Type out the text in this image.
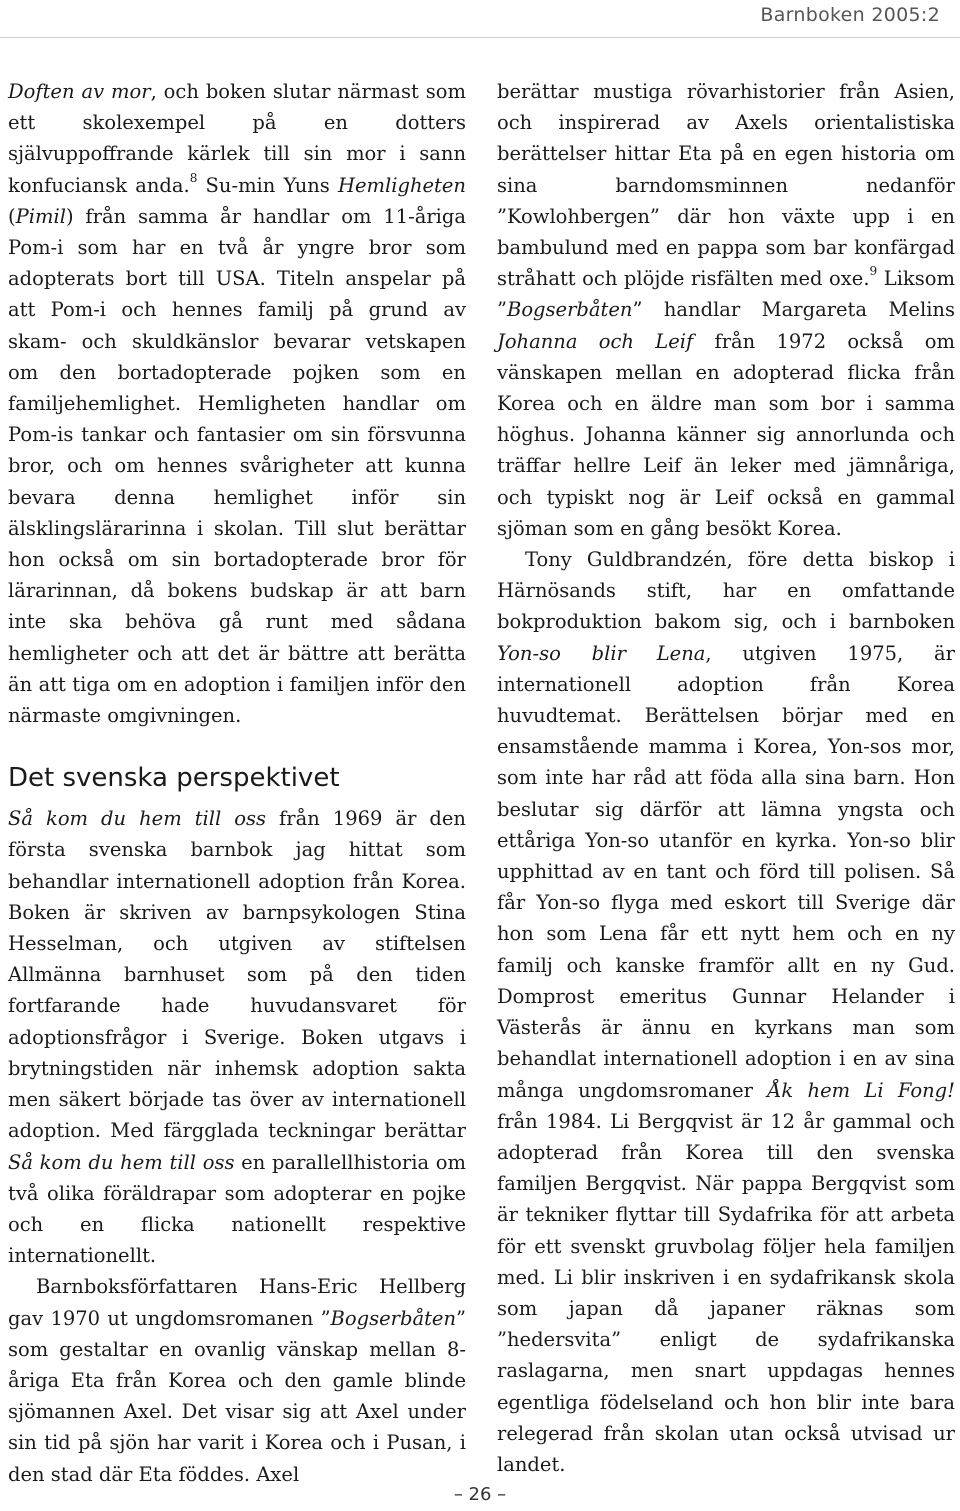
Barnboken 2005:2

Doften av mor, och boken slutar närmast som ett skolexempel på en dotters självuppoffrande kärlek till sin mor i sann konfuciansk anda.$^8$ Su-min Yuns Hemligheten (Pimil) från samma år handlar om 11-åriga Pom-i som har en två år yngre bror som adopterats bort till USA. Titeln anspelar på att Pom-i och hennes familj på grund av skam- och skuldkänslor bevarar vetskapen om den bortadopterade pojken som en familjehemlighet. Hemligheten handlar om Pom-is tankar och fantasier om sin försvunna bror, och om hennes svårigheter att kunna bevara denna hemlighet inför sin älsklingslärarinna i skolan. Till slut berättar hon också om sin bortadopterade bror för lärarinnan, då bokens budskap är att barn inte ska behöva gå runt med sådana hemligheter och att det är bättre att berätta än att tiga om en adoption i familjen inför den närmaste omgivningen.

Det svenska perspektivet

Så kom du hem till oss från 1969 är den första svenska barnbok jag hittat som behandlar internationell adoption från Korea. Boken är skriven av barnpsykologen Stina Hesselman, och utgiven av stiftelsen Allmänna barnhuset som på den tiden fortfarande hade huvudansvaret för adoptionsfrågor i Sverige. Boken utgavs i brytningstiden när inhemsk adoption sakta men säkert började tas över av internationell adoption. Med färgglada teckningar berättar Så kom du hem till oss en parallellhistoria om två olika föräldrapar som adopterar en pojke och en flicka nationellt respektive internationellt.

Barnboksförfattaren Hans-Eric Hellberg gav 1970 ut ungdomsromanen ”Bogserbåten” som gestaltar en ovanlig vänskap mellan 8-åriga Eta från Korea och den gamle blinde sjömannen Axel. Det visar sig att Axel under sin tid på sjön har varit i Korea och i Pusan, i den stad där Eta föddes. Axel

berättar mustiga rövarhistorier från Asien, och inspirerad av Axels orientalistiska berättelser hittar Eta på en egen historia om sina barndomsminnen nedanför ”Kowlohbergen” där hon växte upp i en bambulund med en pappa som bar konfärgad stråhatt och plöjde risfälten med oxe.$^9$ Liksom ”Bogserbåten” handlar Margareta Melins Johanna och Leif från 1972 också om vänskapen mellan en adopterad flicka från Korea och en äldre man som bor i samma höghus. Johanna känner sig annorlunda och träffar hellre Leif än leker med jämnåriga, och typiskt nog är Leif också en gammal sjöman som en gång besökt Korea.

Tony Guldbrandzén, före detta biskop i Härnösands stift, har en omfattande bokproduktion bakom sig, och i barnboken Yon-so blir Lena, utgiven 1975, är internationell adoption från Korea huvudtemat. Berättelsen börjar med en ensamstående mamma i Korea, Yon-sos mor, som inte har råd att föda alla sina barn. Hon beslutar sig därför att lämna yngsta och ettåriga Yon-so utanför en kyrka. Yon-so blir upphittad av en tant och förd till polisen. Så får Yon-so flyga med eskort till Sverige där hon som Lena får ett nytt hem och en ny familj och kanske framför allt en ny Gud. Domprost emeritus Gunnar Helander i Västerås är ännu en kyrkans man som behandlat internationell adoption i en av sina många ungdomsromaner Åk hem Li Fong! från 1984. Li Bergqvist är 12 år gammal och adopterad från Korea till den svenska familjen Bergqvist. När pappa Bergqvist som är tekniker flyttar till Sydafrika för att arbeta för ett svenskt gruvbolag följer hela familjen med. Li blir inskriven i en sydafrikansk skola som japan då japaner räknas som ”hedersvita” enligt de sydafrikanska raslagarna, men snart uppdagas hennes egentliga födelseland och hon blir inte bara relegerad från skolan utan också utvisad ur landet.

– 26 –
